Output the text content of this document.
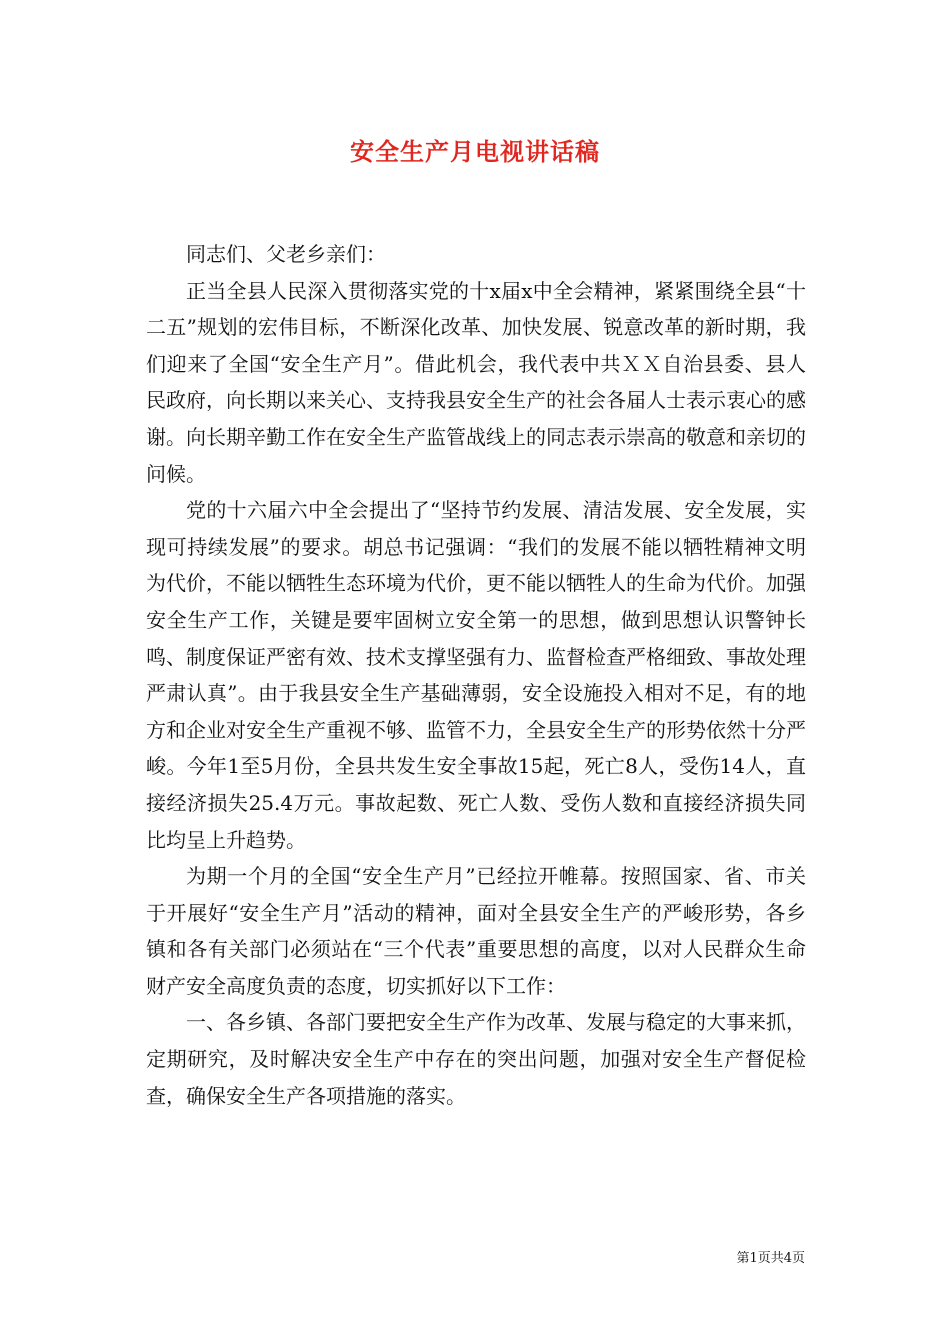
安全生产月电视讲话稿

同志们、父老乡亲们：

正当全县人民深入贯彻落实党的十x届x中全会精神，紧紧围绕全县“十二五”规划的宏伟目标，不断深化改革、加快发展、锐意改革的新时期，我们迎来了全国“安全生产月”。借此机会，我代表中共ＸＸ自治县委、县人民政府，向长期以来关心、支持我县安全生产的社会各届人士表示衷心的感谢。向长期辛勤工作在安全生产监管战线上的同志表示崇高的敬意和亲切的问候。

党的十六届六中全会提出了“坚持节约发展、清洁发展、安全发展，实现可持续发展”的要求。胡总书记强调：“我们的发展不能以牺牲精神文明为代价，不能以牺牲生态环境为代价，更不能以牺牲人的生命为代价。加强安全生产工作，关键是要牢固树立安全第一的思想，做到思想认识警钟长鸣、制度保证严密有效、技术支撑坚强有力、监督检查严格细致、事故处理严肃认真”。由于我县安全生产基础薄弱，安全设施投入相对不足，有的地方和企业对安全生产重视不够、监管不力，全县安全生产的形势依然十分严峻。今年1至5月份，全县共发生安全事故15起，死亡8人，受伤14人，直接经济损失25.4万元。事故起数、死亡人数、受伤人数和直接经济损失同比均呈上升趋势。

为期一个月的全国“安全生产月”已经拉开帷幕。按照国家、省、市关于开展好“安全生产月”活动的精神，面对全县安全生产的严峻形势，各乡镇和各有关部门必须站在“三个代表”重要思想的高度，以对人民群众生命财产安全高度负责的态度，切实抓好以下工作：

一、各乡镇、各部门要把安全生产作为改革、发展与稳定的大事来抓，定期研究，及时解决安全生产中存在的突出问题，加强对安全生产督促检查，确保安全生产各项措施的落实。

第1页共4页
